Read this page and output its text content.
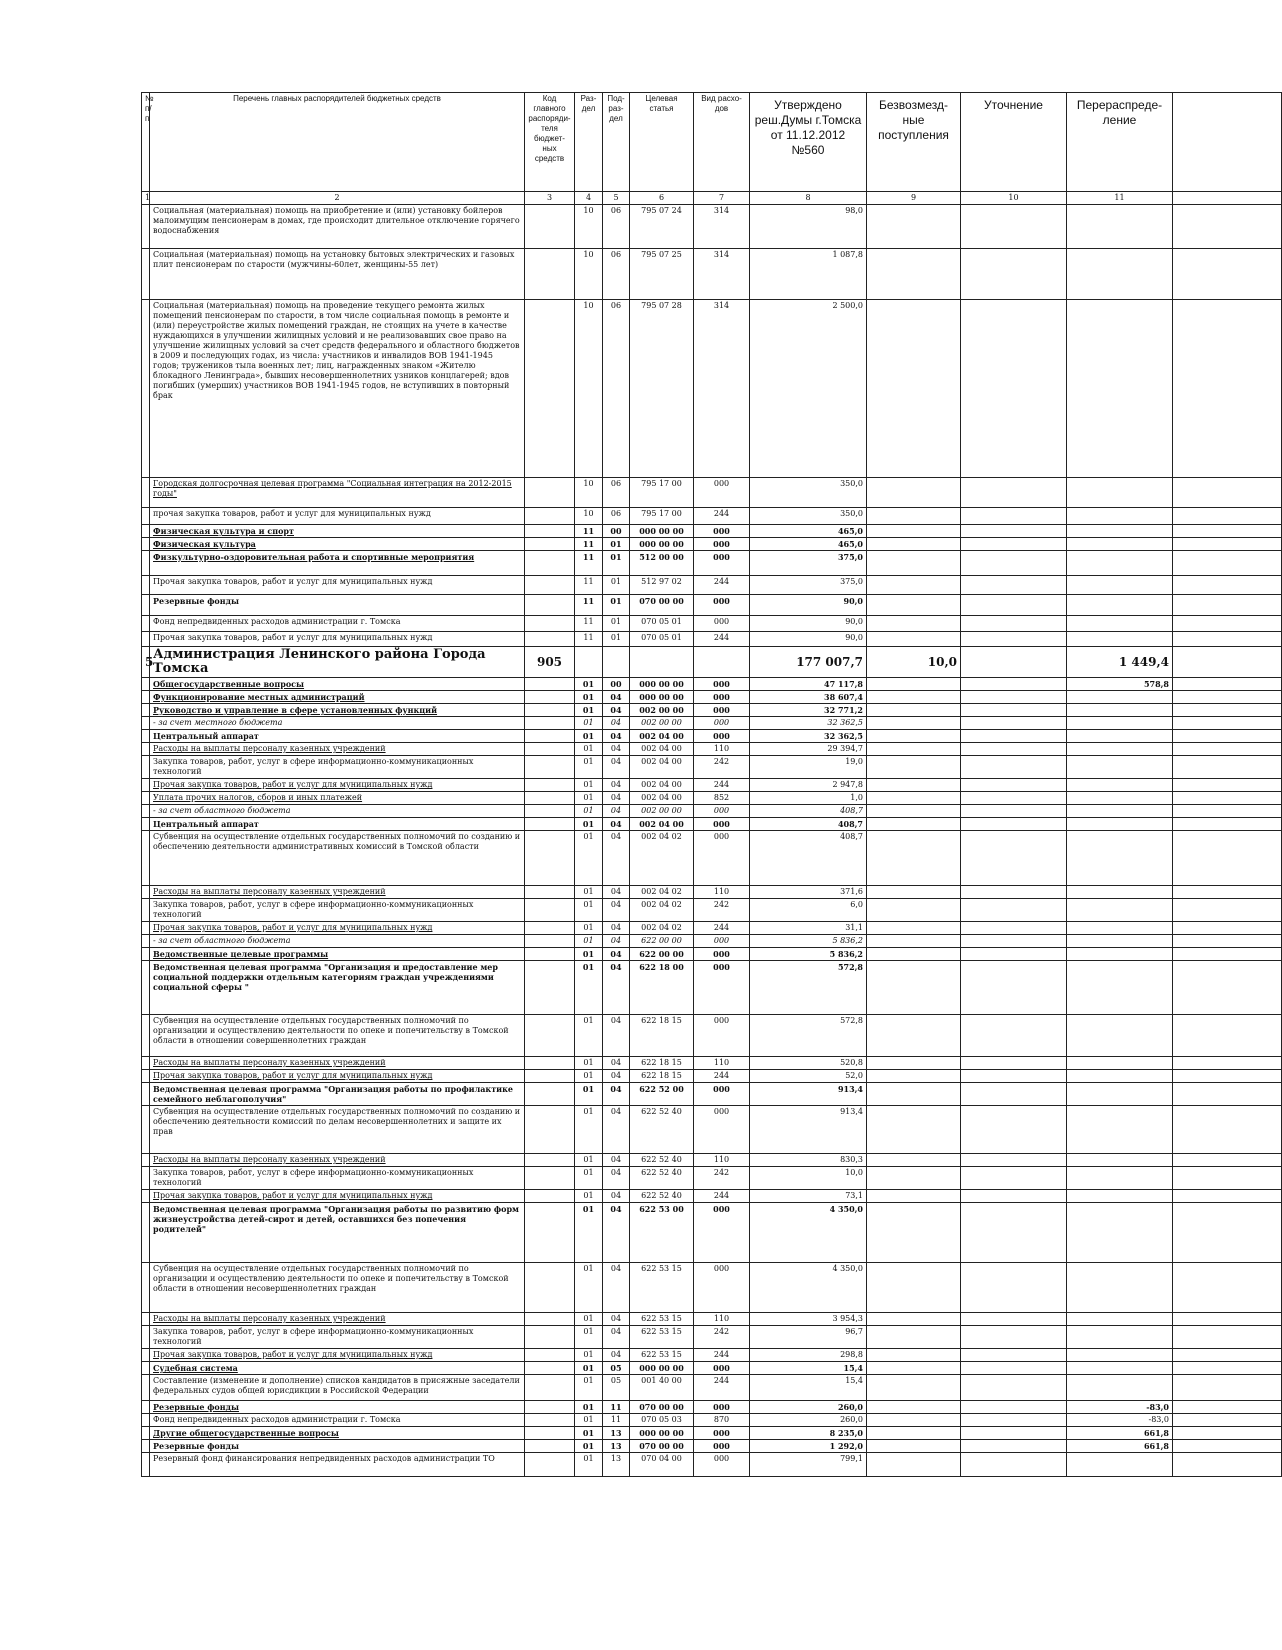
№ п/п	Перечень главных распорядителей бюджетных средств	Код главного распоряди-теля бюджет-ных средств	Раз-дел	Под-раз-дел	Целевая статья	Вид расхо-дов	Утверждено реш.Думы г.Томска от 11.12.2012 №560	Безвозмезд-ные поступления	Уточнение	Перераспреде-ление	
1	2	3	4	5	6	7	8	9	10	11	
	Социальная (материальная) помощь на приобретение и (или) установку бойлеров малоимущим пенсионерам в домах, где происходит длительное отключение горячего водоснабжения		10	06	795 07 24	314	98,0				
	Социальная (материальная) помощь на установку бытовых электрических и газовых плит пенсионерам по старости (мужчины-60лет, женщины-55 лет)		10	06	795 07 25	314	1 087,8				
	Социальная (материальная) помощь на проведение текущего ремонта жилых помещений пенсионерам по старости, в том числе социальная помощь в ремонте и (или) переустройстве жилых помещений граждан, не стоящих на учете в качестве нуждающихся в улучшении жилищных условий и не реализовавших свое право на улучшение жилищных условий за счет средств федерального и областного бюджетов в 2009 и последующих годах, из числа: участников и инвалидов ВОВ 1941-1945 годов; тружеников тыла военных лет; лиц, награжденных знаком «Жителю блокадного Ленинграда», бывших несовершеннолетних узников концлагерей; вдов погибших (умерших) участников ВОВ 1941-1945 годов, не вступивших в повторный брак		10	06	795 07 28	314	2 500,0				
	Городская долгосрочная целевая программа "Социальная интеграция на 2012-2015 годы"		10	06	795 17 00	000	350,0				
	прочая закупка товаров, работ и услуг для муниципальных нужд		10	06	795 17 00	244	350,0				
	Физическая культура и спорт		11	00	000 00 00	000	465,0				
	Физическая культура		11	01	000 00 00	000	465,0				
	Физкультурно-оздоровительная работа и спортивные мероприятия		11	01	512 00 00	000	375,0				
	Прочая закупка товаров, работ и услуг для муниципальных нужд		11	01	512 97 02	244	375,0				
	Резервные фонды		11	01	070 00 00	000	90,0				
	Фонд непредвиденных расходов администрации г. Томска		11	01	070 05 01	000	90,0				
	Прочая закупка товаров, работ и услуг для муниципальных нужд		11	01	070 05 01	244	90,0				
5	Администрация Ленинского района Города Томска	905					177 007,7	10,0		1 449,4	
	Общегосударственные вопросы		01	00	000 00 00	000	47 117,8			578,8	
	Функционирование местных администраций		01	04	000 00 00	000	38 607,4				
	Руководство и управление в сфере установленных функций		01	04	002 00 00	000	32 771,2				
	- за счет местного бюджета		01	04	002 00 00	000	32 362,5				
	Центральный аппарат		01	04	002 04 00	000	32 362,5				
	Расходы на выплаты персоналу казенных учреждений		01	04	002 04 00	110	29 394,7				
	Закупка товаров, работ, услуг в сфере информационно-коммуникационных технологий		01	04	002 04 00	242	19,0				
	Прочая закупка товаров, работ и услуг для муниципальных нужд		01	04	002 04 00	244	2 947,8				
	Уплата прочих налогов, сборов и иных платежей		01	04	002 04 00	852	1,0				
	- за счет областного бюджета		01	04	002 00 00	000	408,7				
	Центральный аппарат		01	04	002 04 00	000	408,7				
	Субвенция на осуществление отдельных государственных полномочий по созданию и обеспечению деятельности административных комиссий в Томской области		01	04	002 04 02	000	408,7				
	Расходы на выплаты персоналу казенных учреждений		01	04	002 04 02	110	371,6				
	Закупка товаров, работ, услуг в сфере информационно-коммуникационных технологий		01	04	002 04 02	242	6,0				
	Прочая закупка товаров, работ и услуг для муниципальных нужд		01	04	002 04 02	244	31,1				
	- за счет областного бюджета		01	04	622 00 00	000	5 836,2				
	Ведомственные целевые программы		01	04	622 00 00	000	5 836,2				
	Ведомственная целевая программа "Организация и предоставление мер социальной поддержки отдельным категориям граждан учреждениями социальной сферы "		01	04	622 18 00	000	572,8				
	Субвенция на осуществление отдельных государственных полномочий по организации и осуществлению деятельности по опеке и попечительству в Томской области в отношении совершеннолетних граждан		01	04	622 18 15	000	572,8				
	Расходы на выплаты персоналу казенных учреждений		01	04	622 18 15	110	520,8				
	Прочая закупка товаров, работ и услуг для муниципальных нужд		01	04	622 18 15	244	52,0				
	Ведомственная целевая программа "Организация работы по профилактике семейного неблагополучия"		01	04	622 52 00	000	913,4				
	Субвенция на осуществление отдельных государственных полномочий по созданию и обеспечению деятельности комиссий по делам несовершеннолетних и защите их прав		01	04	622 52 40	000	913,4				
	Расходы на выплаты персоналу казенных учреждений		01	04	622 52 40	110	830,3				
	Закупка товаров, работ, услуг в сфере информационно-коммуникационных технологий		01	04	622 52 40	242	10,0				
	Прочая закупка товаров, работ и услуг для муниципальных нужд		01	04	622 52 40	244	73,1				
	Ведомственная целевая программа "Организация работы по развитию форм жизнеустройства детей-сирот и детей, оставшихся без попечения родителей"		01	04	622 53 00	000	4 350,0				
	Субвенция на осуществление отдельных государственных полномочий по организации и осуществлению деятельности по опеке и попечительству в Томской области в отношении несовершеннолетних граждан		01	04	622 53 15	000	4 350,0				
	Расходы на выплаты персоналу казенных учреждений		01	04	622 53 15	110	3 954,3				
	Закупка товаров, работ, услуг в сфере информационно-коммуникационных технологий		01	04	622 53 15	242	96,7				
	Прочая закупка товаров, работ и услуг для муниципальных нужд		01	04	622 53 15	244	298,8				
	Судебная система		01	05	000 00 00	000	15,4				
	Составление (изменение и дополнение) списков кандидатов в присяжные заседатели федеральных судов общей юрисдикции в Российской Федерации		01	05	001 40 00	244	15,4				
	Резервные фонды		01	11	070 00 00	000	260,0			-83,0	
	Фонд непредвиденных расходов администрации г. Томска		01	11	070 05 03	870	260,0			-83,0	
	Другие общегосударственные вопросы		01	13	000 00 00	000	8 235,0			661,8	
	Резервные фонды		01	13	070 00 00	000	1 292,0			661,8	
	Резервный фонд финансирования непредвиденных расходов администрации ТО		01	13	070 04 00	000	799,1				
